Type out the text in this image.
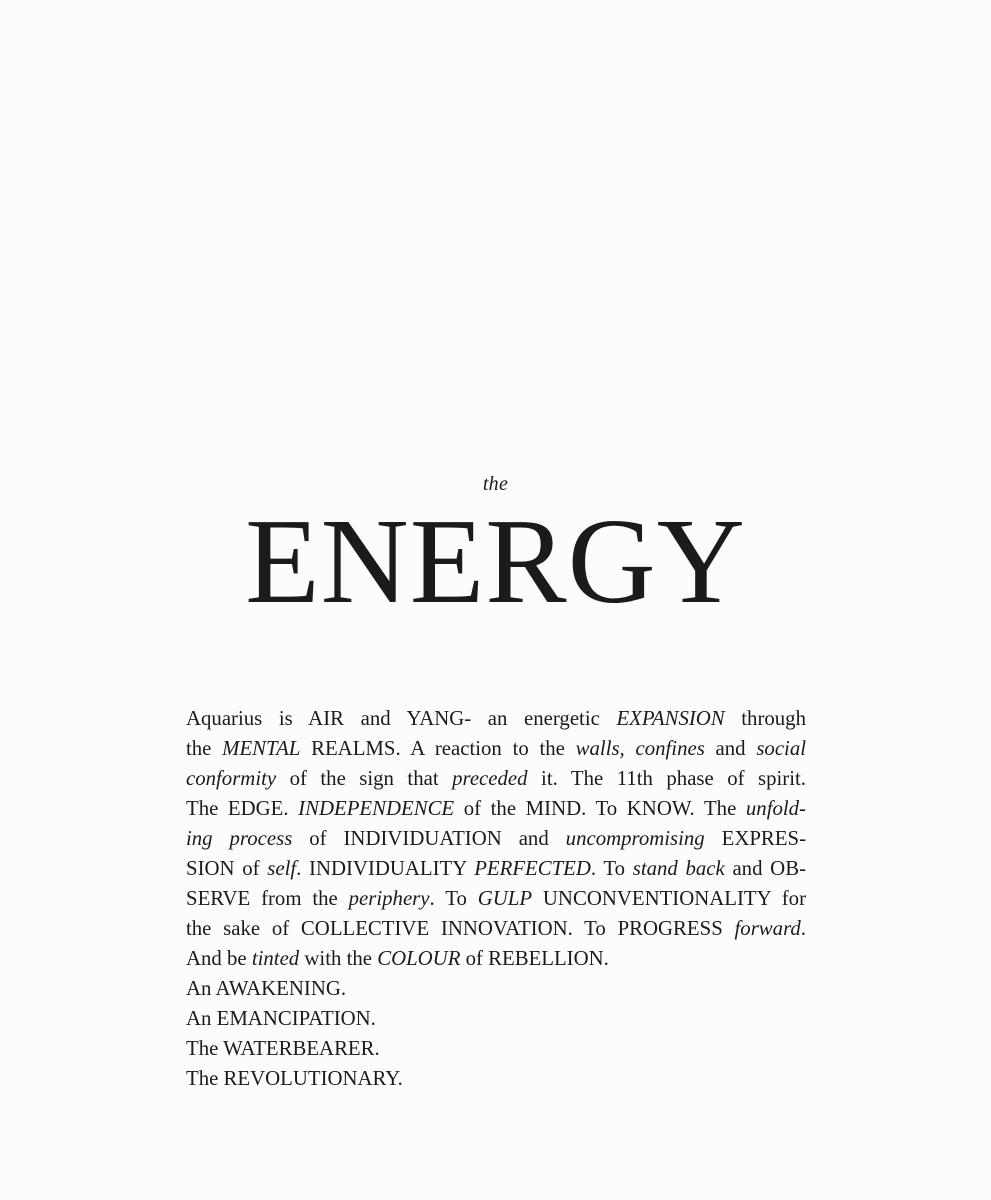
the
ENERGY
Aquarius is AIR and YANG- an energetic EXPANSION through
the MENTAL REALMS. A reaction to the walls, confines and social
conformity of the sign that preceded it. The 11th phase of spirit.
The EDGE. INDEPENDENCE of the MIND. To KNOW. The unfold-
ing process of INDIVIDUATION and uncompromising EXPRES-
SION of self. INDIVIDUALITY PERFECTED. To stand back and OB-
SERVE from the periphery. To GULP UNCONVENTIONALITY for
the sake of COLLECTIVE INNOVATION. To PROGRESS forward.
And be tinted with the COLOUR of REBELLION.
An AWAKENING.
An EMANCIPATION.
The WATERBEARER.
The REVOLUTIONARY.
